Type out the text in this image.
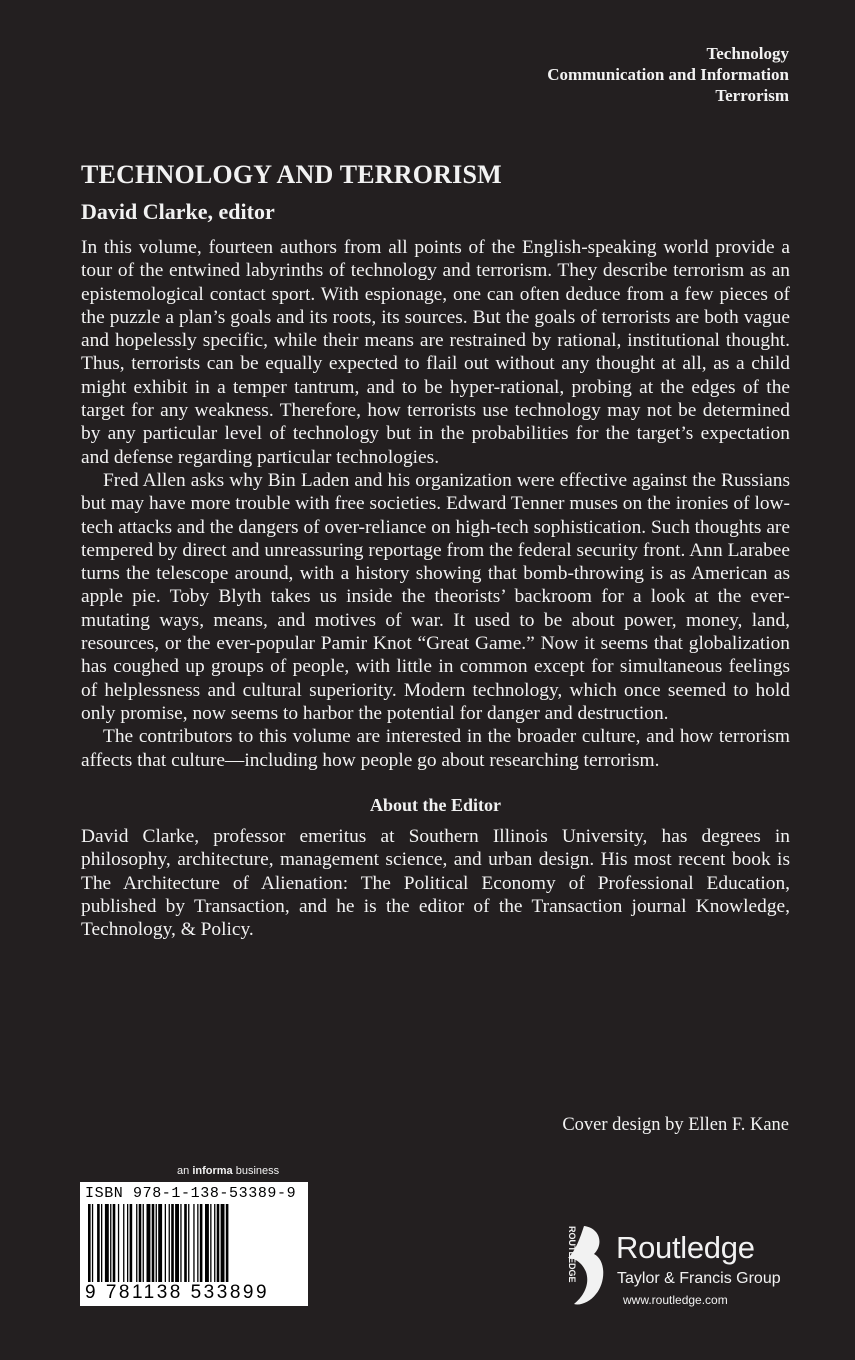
Technology
Communication and Information
Terrorism
TECHNOLOGY AND TERRORISM
David Clarke, editor

In this volume, fourteen authors from all points of the English-speaking world provide a tour of the entwined labyrinths of technology and terrorism. They describe terrorism as an epistemological contact sport. With espionage, one can often deduce from a few pieces of the puzzle a plan’s goals and its roots, its sources. But the goals of terrorists are both vague and hopelessly specific, while their means are restrained by rational, institutional thought. Thus, terrorists can be equally expected to flail out without any thought at all, as a child might exhibit in a temper tantrum, and to be hyper-rational, probing at the edges of the target for any weakness. Therefore, how terrorists use technology may not be determined by any particular level of technology but in the probabilities for the target’s expectation and defense regarding particular technologies.

Fred Allen asks why Bin Laden and his organization were effective against the Russians but may have more trouble with free societies. Edward Tenner muses on the ironies of low-tech attacks and the dangers of over-reliance on high-tech sophistication. Such thoughts are tempered by direct and unreassuring reportage from the federal security front. Ann Larabee turns the telescope around, with a history showing that bomb-throwing is as American as apple pie. Toby Blyth takes us inside the theorists’ backroom for a look at the ever-mutating ways, means, and motives of war. It used to be about power, money, land, resources, or the ever-popular Pamir Knot “Great Game.” Now it seems that globalization has coughed up groups of people, with little in common except for simultaneous feelings of helplessness and cultural superiority. Modern technology, which once seemed to hold only promise, now seems to harbor the potential for danger and destruction.

The contributors to this volume are interested in the broader culture, and how terrorism affects that culture—including how people go about researching terrorism.

About the Editor

David Clarke, professor emeritus at Southern Illinois University, has degrees in philosophy, architecture, management science, and urban design. His most recent book is The Architecture of Alienation: The Political Economy of Professional Education, published by Transaction, and he is the editor of the Transaction journal Knowledge, Technology, & Policy.

Cover design by Ellen F. Kane
an informa business
ISBN 978-1-138-53389-9
9 781138 533899
ROUTLEDGE Routledge
Taylor & Francis Group
www.routledge.com
